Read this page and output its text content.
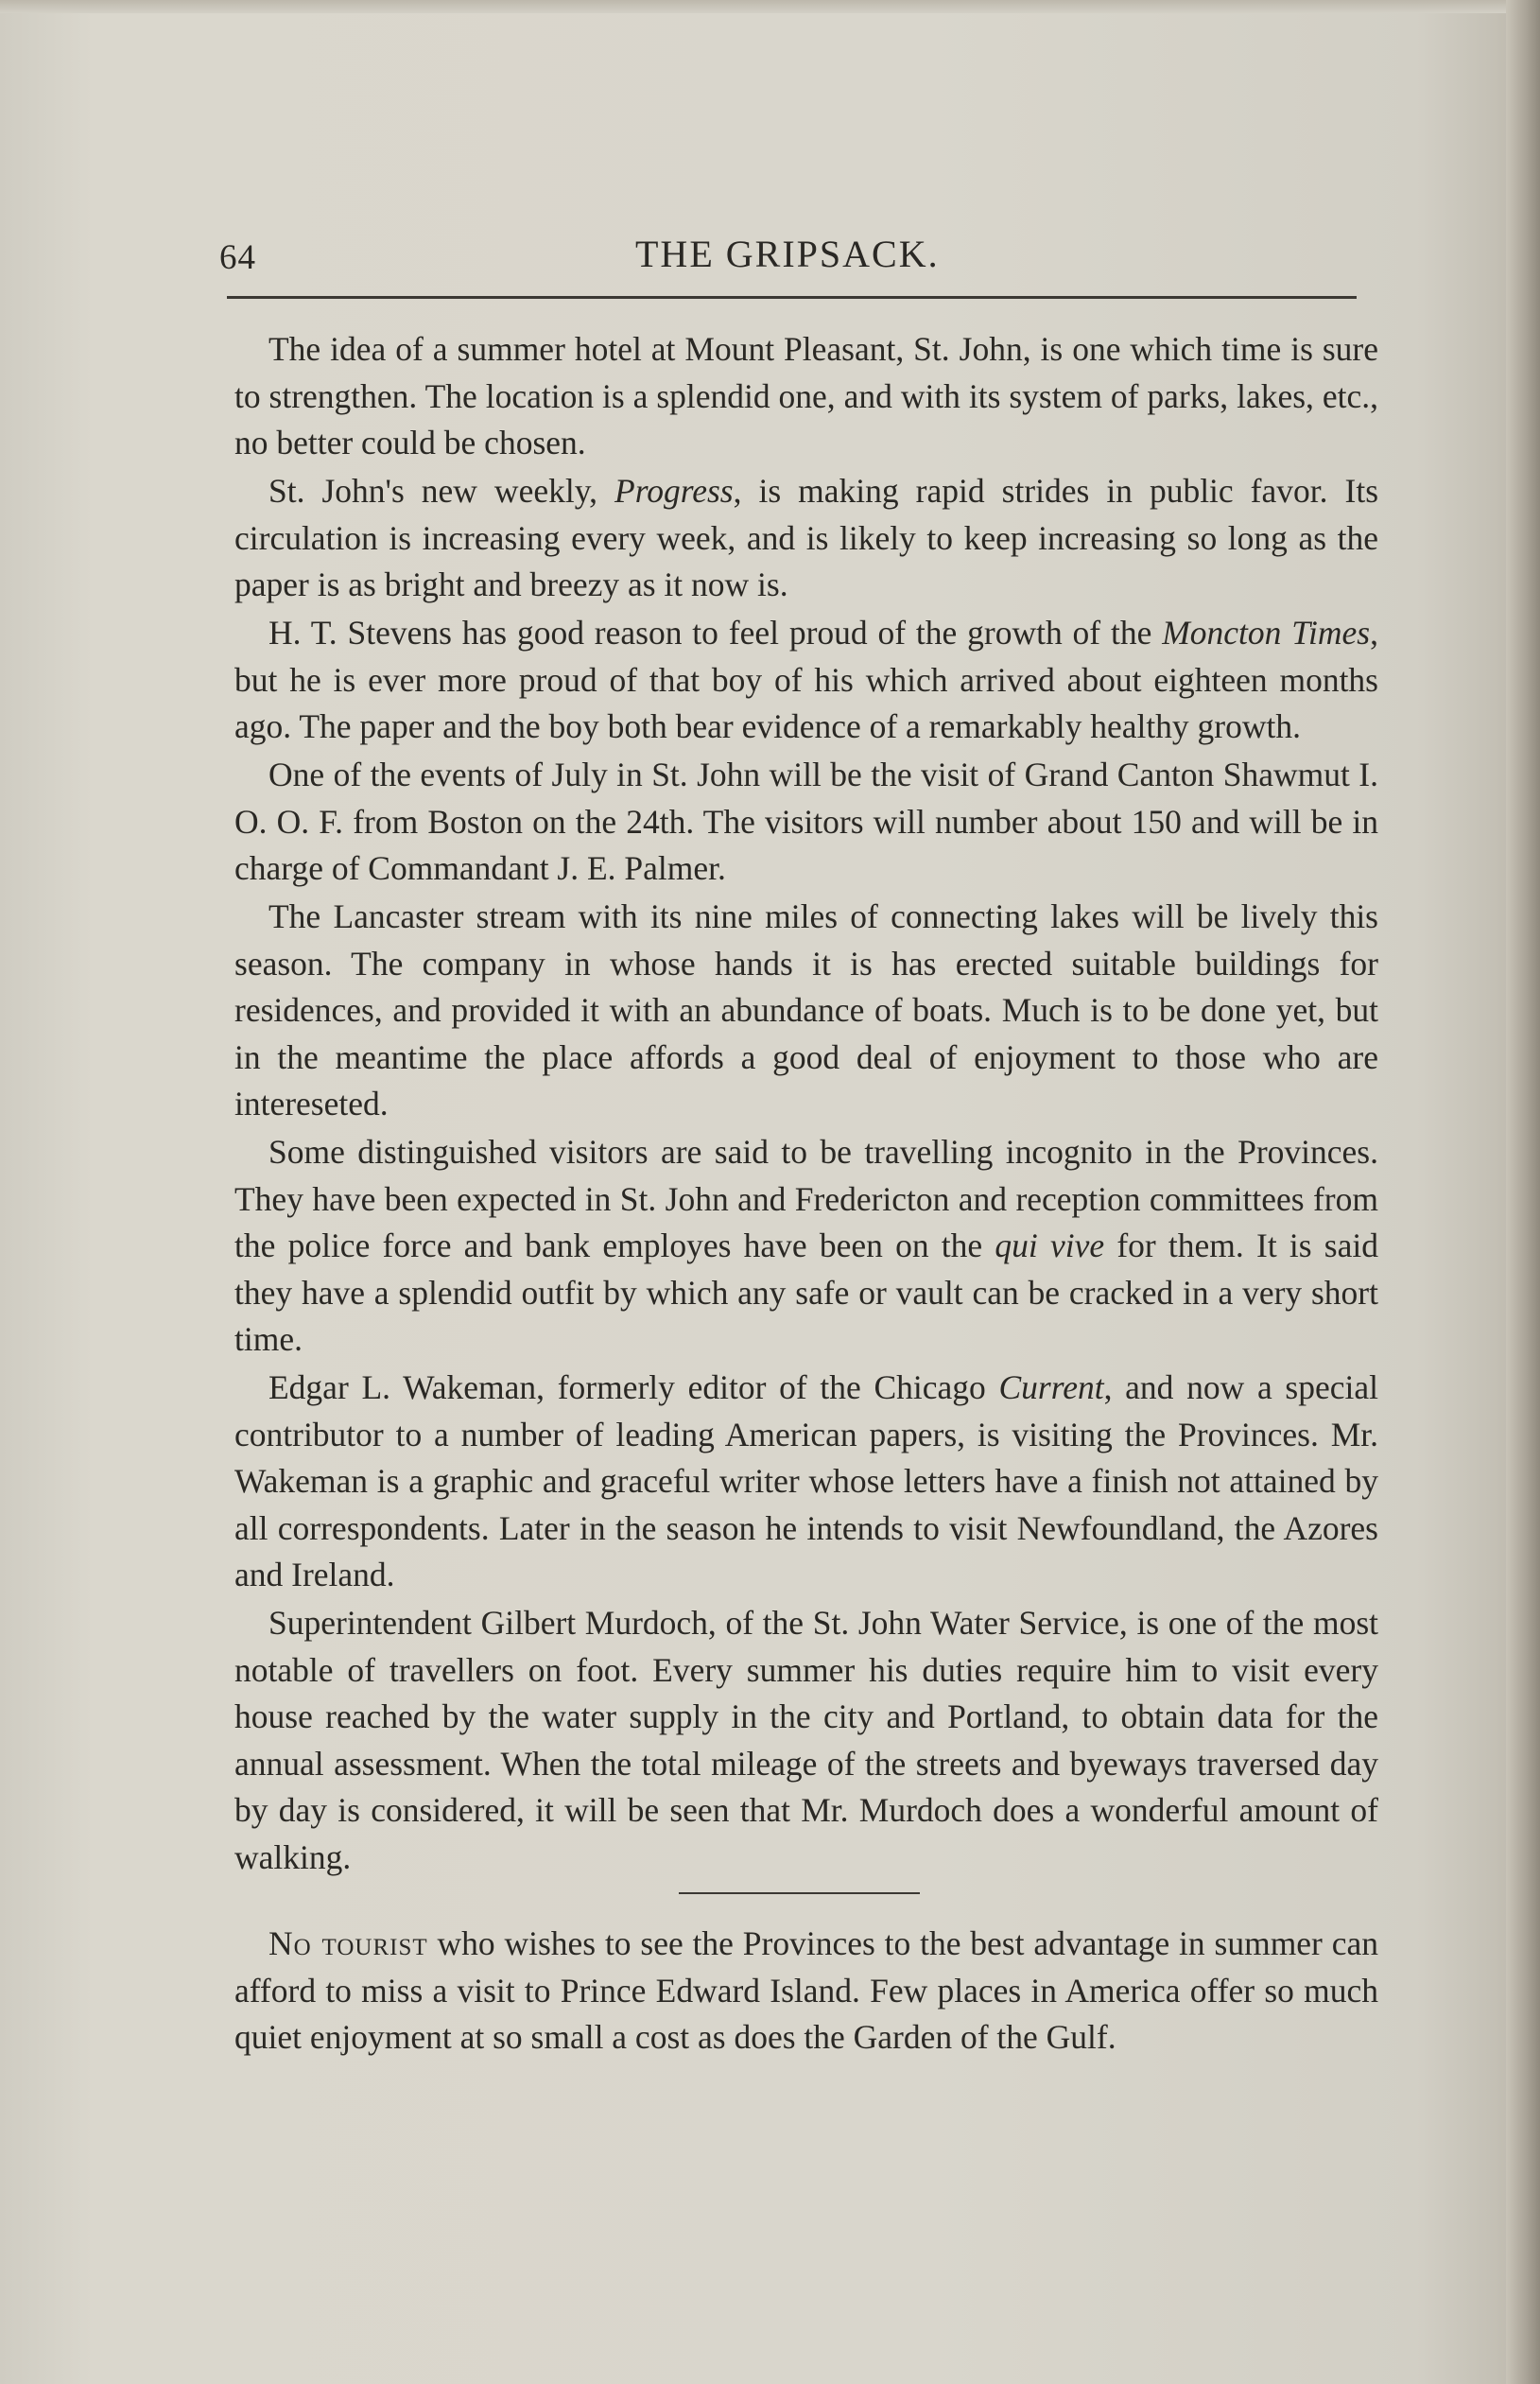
64	THE GRIPSACK.

The idea of a summer hotel at Mount Pleasant, St. John, is one which time is sure to strengthen. The location is a splendid one, and with its system of parks, lakes, etc., no better could be chosen.

St. John's new weekly, Progress, is making rapid strides in public favor. Its circulation is increasing every week, and is likely to keep increasing so long as the paper is as bright and breezy as it now is.

H. T. Stevens has good reason to feel proud of the growth of the Moncton Times, but he is ever more proud of that boy of his which arrived about eighteen months ago. The paper and the boy both bear evidence of a remarkably healthy growth.

One of the events of July in St. John will be the visit of Grand Canton Shawmut I. O. O. F. from Boston on the 24th. The visitors will number about 150 and will be in charge of Commandant J. E. Palmer.

The Lancaster stream with its nine miles of connecting lakes will be lively this season. The company in whose hands it is has erected suitable buildings for residences, and provided it with an abundance of boats. Much is to be done yet, but in the meantime the place affords a good deal of enjoyment to those who are intereseted.

Some distinguished visitors are said to be travelling incognito in the Provinces. They have been expected in St. John and Fredericton and reception committees from the police force and bank employes have been on the qui vive for them. It is said they have a splendid outfit by which any safe or vault can be cracked in a very short time.

Edgar L. Wakeman, formerly editor of the Chicago Current, and now a special contributor to a number of leading American papers, is visiting the Provinces. Mr. Wakeman is a graphic and graceful writer whose letters have a finish not attained by all correspondents. Later in the season he intends to visit Newfoundland, the Azores and Ireland.

Superintendent Gilbert Murdoch, of the St. John Water Service, is one of the most notable of travellers on foot. Every summer his duties require him to visit every house reached by the water supply in the city and Portland, to obtain data for the annual assessment. When the total mileage of the streets and byeways traversed day by day is considered, it will be seen that Mr. Murdoch does a wonderful amount of walking.

No tourist who wishes to see the Provinces to the best advantage in summer can afford to miss a visit to Prince Edward Island. Few places in America offer so much quiet enjoyment at so small a cost as does the Garden of the Gulf.
